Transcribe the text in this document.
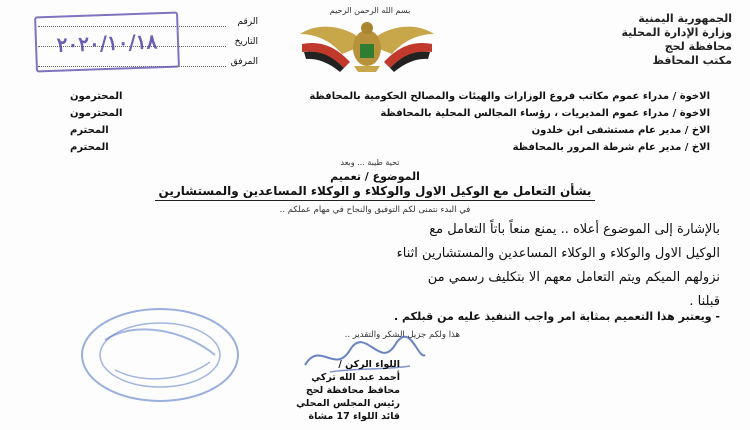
بسم الله الرحمن الرحيم
الجمهورية اليمنية
وزارة الإدارة المحلية
محافظة لحج
مكتب المحافظ
الرقم
التاريخ
المرفق
٢٠٢٠/١٠/١٨
المحترمون	الاخوة / مدراء عموم مكاتب فروع الوزارات والهيئات والمصالح الحكومية بالمحافظة
المحترمون	الاخوة / مدراء عموم المديريات ، رؤساء المجالس المحلية بالمحافظة
المحترم	الاخ / مدير عام مستشفى ابن خلدون
المحترم	الاخ / مدير عام شرطة المرور بالمحافظة
تحية طيبة ... وبعد
الموضوع / تعميم
بشأن التعامل مع الوكيل الاول والوكلاء و الوكلاء المساعدين والمستشارين
في البدء نتمنى لكم التوفيق والنجاح في مهام عملكم ..
بالإشارة إلى الموضوع أعلاه .. يمنع منعاً باتاً التعامل مع
الوكيل الاول والوكلاء و الوكلاء المساعدين والمستشارين اثناء
نزولهم الميكم ويتم التعامل معهم الا بتكليف رسمي من
قبلنا .
- ويعتبر هذا التعميم بمثابة امر واجب التنفيذ عليه من قبلكم .
هذا ولكم جزيل الشكر والتقدير ..
اللواء الركن /
أحمد عبد الله تركي
محافظ محافظة لحج
رئيس المجلس المحلي
قائد اللواء 17 مشاة
